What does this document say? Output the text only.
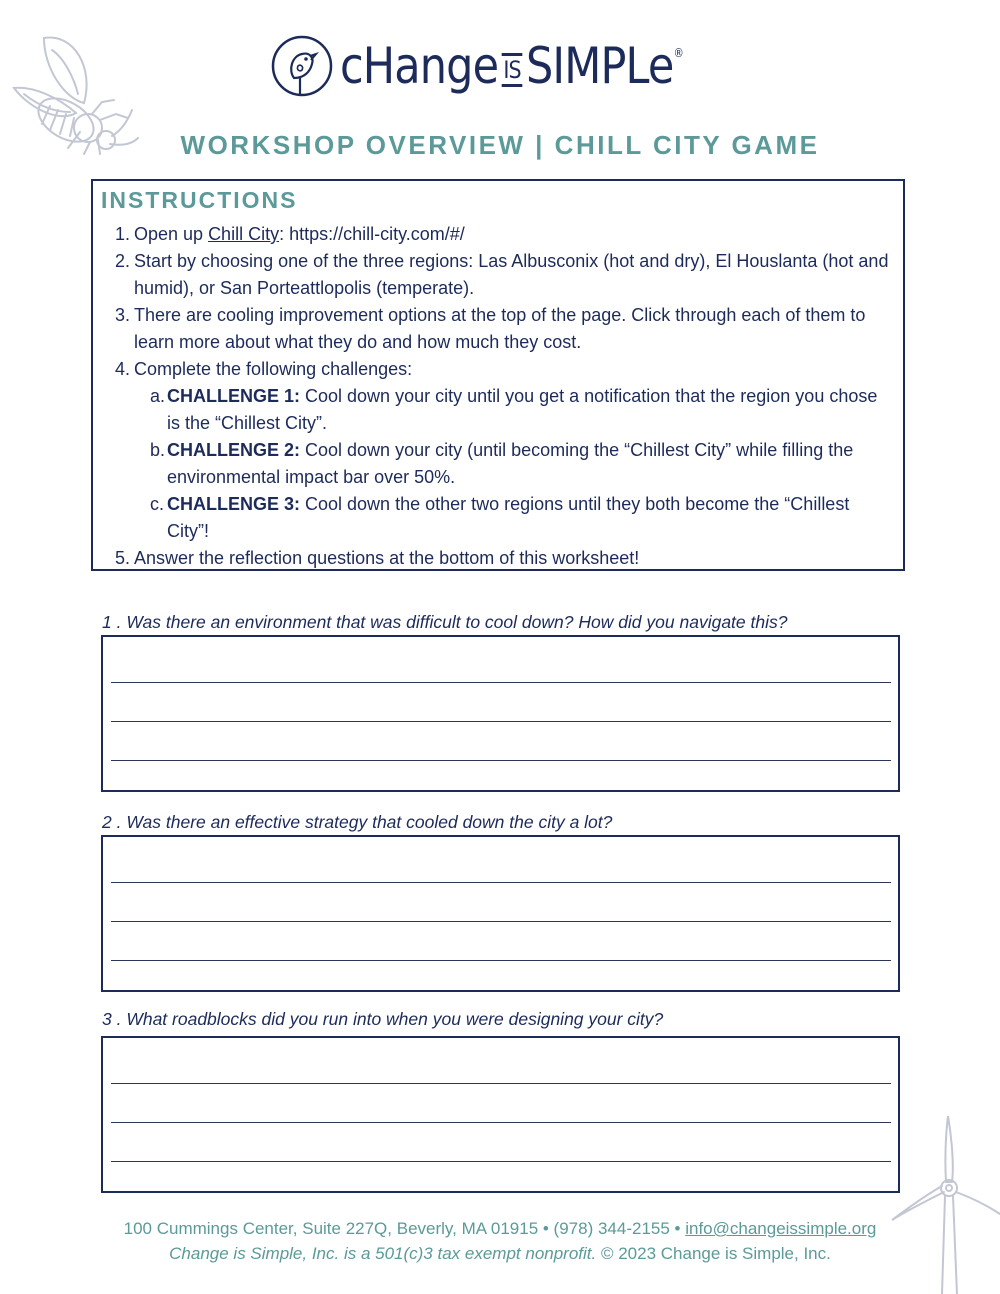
cHange IS SIMPLe®
WORKSHOP OVERVIEW | CHILL CITY GAME
INSTRUCTIONS
1. Open up Chill City: https://chill-city.com/#/
2. Start by choosing one of the three regions: Las Albusconix (hot and dry), El Houslanta (hot and humid), or San Porteattlopolis (temperate).
3. There are cooling improvement options at the top of the page. Click through each of them to learn more about what they do and how much they cost.
4. Complete the following challenges:
a. CHALLENGE 1: Cool down your city until you get a notification that the region you chose is the “Chillest City”.
b. CHALLENGE 2: Cool down your city (until becoming the “Chillest City” while filling the environmental impact bar over 50%.
c. CHALLENGE 3: Cool down the other two regions until they both become the “Chillest City”!
5. Answer the reflection questions at the bottom of this worksheet!
1 . Was there an environment that was difficult to cool down? How did you navigate this?
2 . Was there an effective strategy that cooled down the city a lot?
3 . What roadblocks did you run into when you were designing your city?
100 Cummings Center, Suite 227Q, Beverly, MA 01915 • (978) 344-2155 • info@changeissimple.org
Change is Simple, Inc. is a 501(c)3 tax exempt nonprofit. © 2023 Change is Simple, Inc.
